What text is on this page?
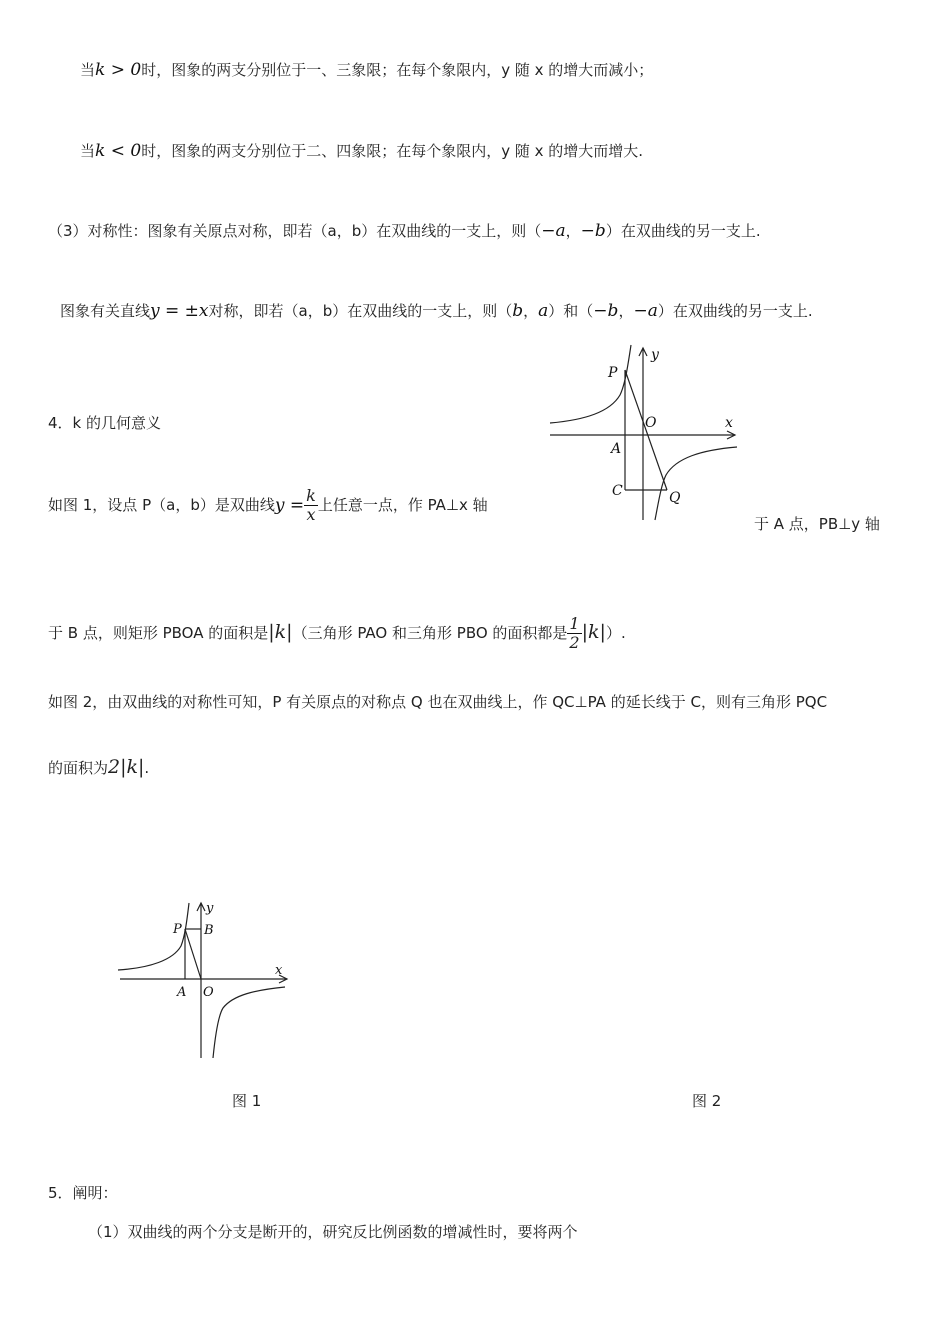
当k > 0时，图象的两支分别位于一、三象限；在每个象限内，y 随 x 的增大而减小；
当k < 0时，图象的两支分别位于二、四象限；在每个象限内，y 随 x 的增大而增大.
（3）对称性：图象有关原点对称，即若（a，b）在双曲线的一支上，则（−a，−b）在双曲线的另一支上.
图象有关直线y = ±x对称，即若（a，b）在双曲线的一支上，则（b，a）和（−b，−a）在双曲线的另一支上.
4．k 的几何意义
y
P
O	x
A
C	Q
如图 1，设点 P（a，b）是双曲线$y = \frac{k}{x}$ 上任意一点，作 PA⊥x 轴
于 A 点，PB⊥y 轴
于 B 点，则矩形 PBOA 的面积是|k|（三角形 PAO 和三角形 PBO 的面积都是 $\frac{1}{2} |k|$）.
如图 2，由双曲线的对称性可知，P 有关原点的对称点 Q 也在双曲线上，作 QC⊥PA 的延长线于 C，则有三角形 PQC
的面积为2|k|.
y
P B
x
A O
图 1	图 2
5．阐明：
（1）双曲线的两个分支是断开的，研究反比例函数的增减性时，要将两个
